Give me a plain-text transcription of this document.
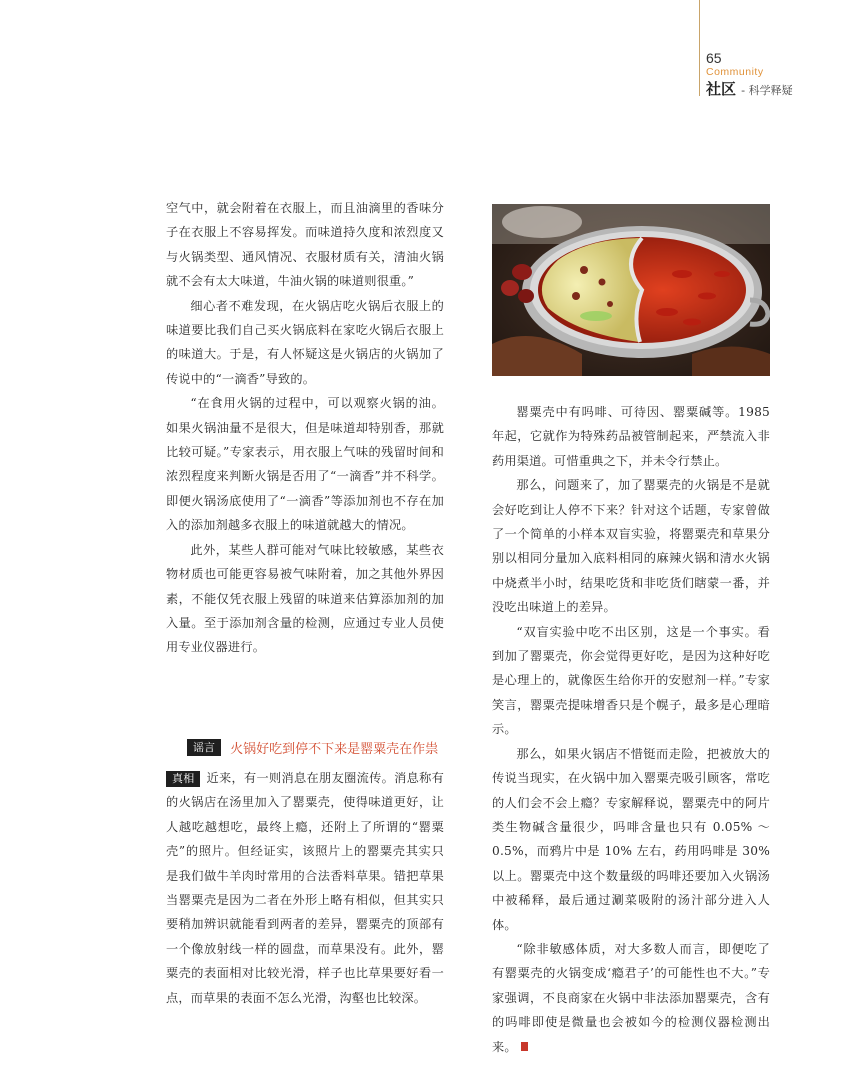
65
Community
社区 - 科学释疑

空气中，就会附着在衣服上，而且油滴里的香味分子在衣服上不容易挥发。而味道持久度和浓烈度又与火锅类型、通风情况、衣服材质有关，清油火锅就不会有太大味道，牛油火锅的味道则很重。”

细心者不难发现，在火锅店吃火锅后衣服上的味道要比我们自己买火锅底料在家吃火锅后衣服上的味道大。于是，有人怀疑这是火锅店的火锅加了传说中的“一滴香”导致的。

“在食用火锅的过程中，可以观察火锅的油。如果火锅油量不是很大，但是味道却特别香，那就比较可疑。”专家表示，用衣服上气味的残留时间和浓烈程度来判断火锅是否用了“一滴香”并不科学。即便火锅汤底使用了“一滴香”等添加剂也不存在加入的添加剂越多衣服上的味道就越大的情况。

此外，某些人群可能对气味比较敏感，某些衣物材质也可能更容易被气味附着，加之其他外界因素，不能仅凭衣服上残留的味道来估算添加剂的加入量。至于添加剂含量的检测，应通过专业人员使用专业仪器进行。

谣言 火锅好吃到停不下来是罂粟壳在作祟

真相 近来，有一则消息在朋友圈流传。消息称有的火锅店在汤里加入了罂粟壳，使得味道更好，让人越吃越想吃，最终上瘾，还附上了所谓的“罂粟壳”的照片。但经证实，该照片上的罂粟壳其实只是我们做牛羊肉时常用的合法香料草果。错把草果当罂粟壳是因为二者在外形上略有相似，但其实只要稍加辨识就能看到两者的差异，罂粟壳的顶部有一个像放射线一样的圆盘，而草果没有。此外，罂粟壳的表面相对比较光滑，样子也比草果要好看一点，而草果的表面不怎么光滑，沟壑也比较深。

罂粟壳中有吗啡、可待因、罂粟碱等。1985 年起，它就作为特殊药品被管制起来，严禁流入非药用渠道。可惜重典之下，并未令行禁止。

那么，问题来了，加了罂粟壳的火锅是不是就会好吃到让人停不下来？针对这个话题，专家曾做了一个简单的小样本双盲实验，将罂粟壳和草果分别以相同分量加入底料相同的麻辣火锅和清水火锅中烧煮半小时，结果吃货和非吃货们瞎蒙一番，并没吃出味道上的差异。

“双盲实验中吃不出区别，这是一个事实。看到加了罂粟壳，你会觉得更好吃，是因为这种好吃是心理上的，就像医生给你开的安慰剂一样。”专家笑言，罂粟壳提味增香只是个幌子，最多是心理暗示。

那么，如果火锅店不惜铤而走险，把被放大的传说当现实，在火锅中加入罂粟壳吸引顾客，常吃的人们会不会上瘾？专家解释说，罂粟壳中的阿片类生物碱含量很少，吗啡含量也只有 0.05% ～ 0.5%，而鸦片中是 10% 左右，药用吗啡是 30% 以上。罂粟壳中这个数量级的吗啡还要加入火锅汤中被稀释，最后通过涮菜吸附的汤汁部分进入人体。

“除非敏感体质，对大多数人而言，即便吃了有罂粟壳的火锅变成‘瘾君子’的可能性也不大。”专家强调，不良商家在火锅中非法添加罂粟壳，含有的吗啡即使是微量也会被如今的检测仪器检测出来。
